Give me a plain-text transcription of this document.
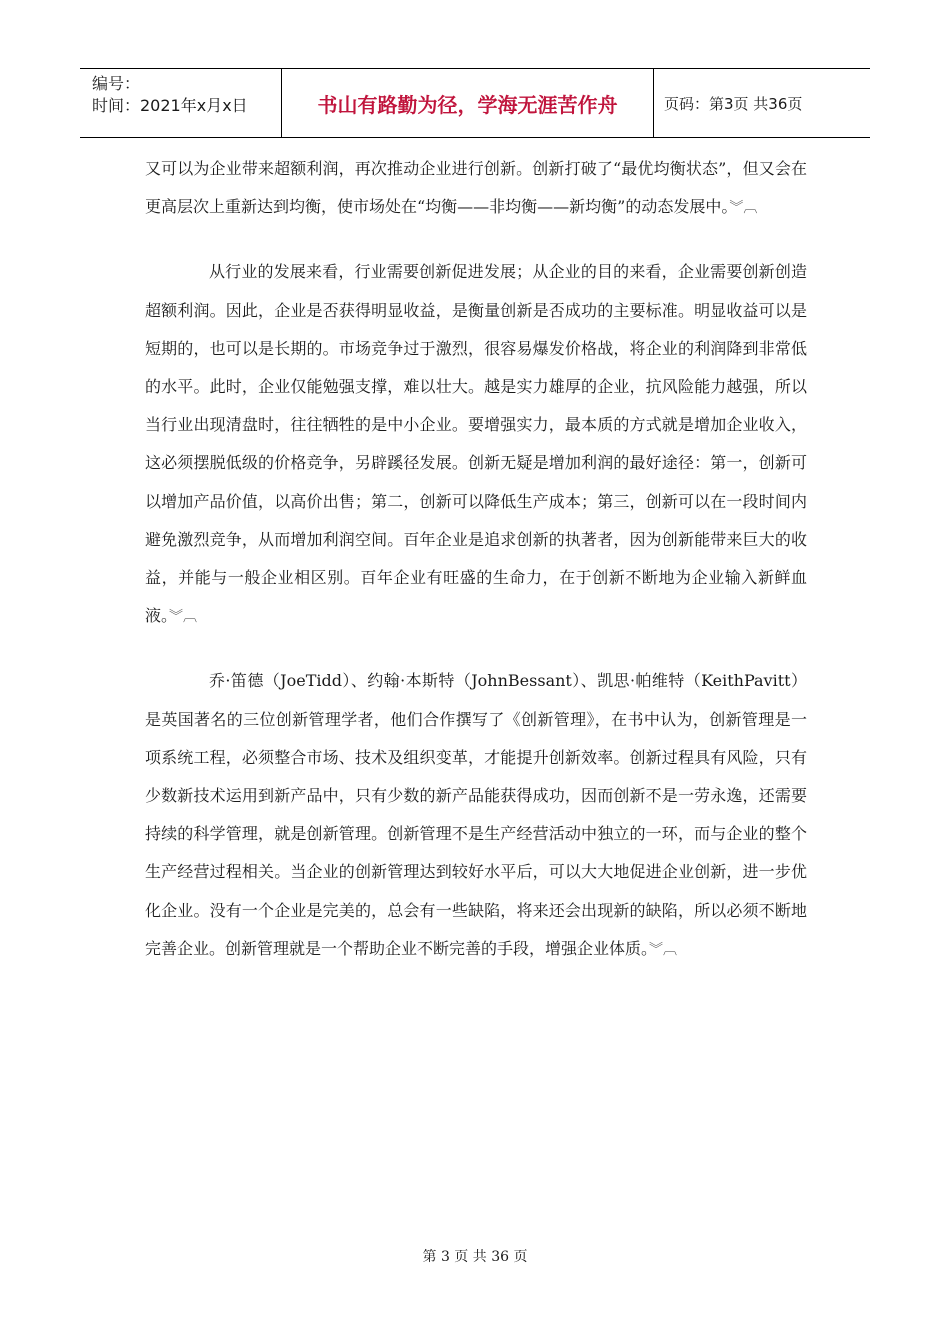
编号：
时间：2021年x月x日	书山有路勤为径，学海无涯苦作舟	页码：第3页 共36页

又可以为企业带来超额利润，再次推动企业进行创新。创新打破了“最优均衡状态”，但又会在更高层次上重新达到均衡，使市场处在“均衡——非均衡——新均衡”的动态发展中。︾︹

从行业的发展来看，行业需要创新促进发展；从企业的目的来看，企业需要创新创造超额利润。因此，企业是否获得明显收益，是衡量创新是否成功的主要标准。明显收益可以是短期的，也可以是长期的。市场竞争过于激烈，很容易爆发价格战，将企业的利润降到非常低的水平。此时，企业仅能勉强支撑，难以壮大。越是实力雄厚的企业，抗风险能力越强，所以当行业出现清盘时，往往牺牲的是中小企业。要增强实力，最本质的方式就是增加企业收入，这必须摆脱低级的价格竞争，另辟蹊径发展。创新无疑是增加利润的最好途径：第一，创新可以增加产品价值，以高价出售；第二，创新可以降低生产成本；第三，创新可以在一段时间内避免激烈竞争，从而增加利润空间。百年企业是追求创新的执著者，因为创新能带来巨大的收益，并能与一般企业相区别。百年企业有旺盛的生命力，在于创新不断地为企业输入新鲜血液。︾︹

乔·笛德（JoeTidd）、约翰·本斯特（JohnBessant）、凯思·帕维特（KeithPavitt）是英国著名的三位创新管理学者，他们合作撰写了《创新管理》，在书中认为，创新管理是一项系统工程，必须整合市场、技术及组织变革，才能提升创新效率。创新过程具有风险，只有少数新技术运用到新产品中，只有少数的新产品能获得成功，因而创新不是一劳永逸，还需要持续的科学管理，就是创新管理。创新管理不是生产经营活动中独立的一环，而与企业的整个生产经营过程相关。当企业的创新管理达到较好水平后，可以大大地促进企业创新，进一步优化企业。没有一个企业是完美的，总会有一些缺陷，将来还会出现新的缺陷，所以必须不断地完善企业。创新管理就是一个帮助企业不断完善的手段，增强企业体质。︾︹

第 3 页 共 36 页
